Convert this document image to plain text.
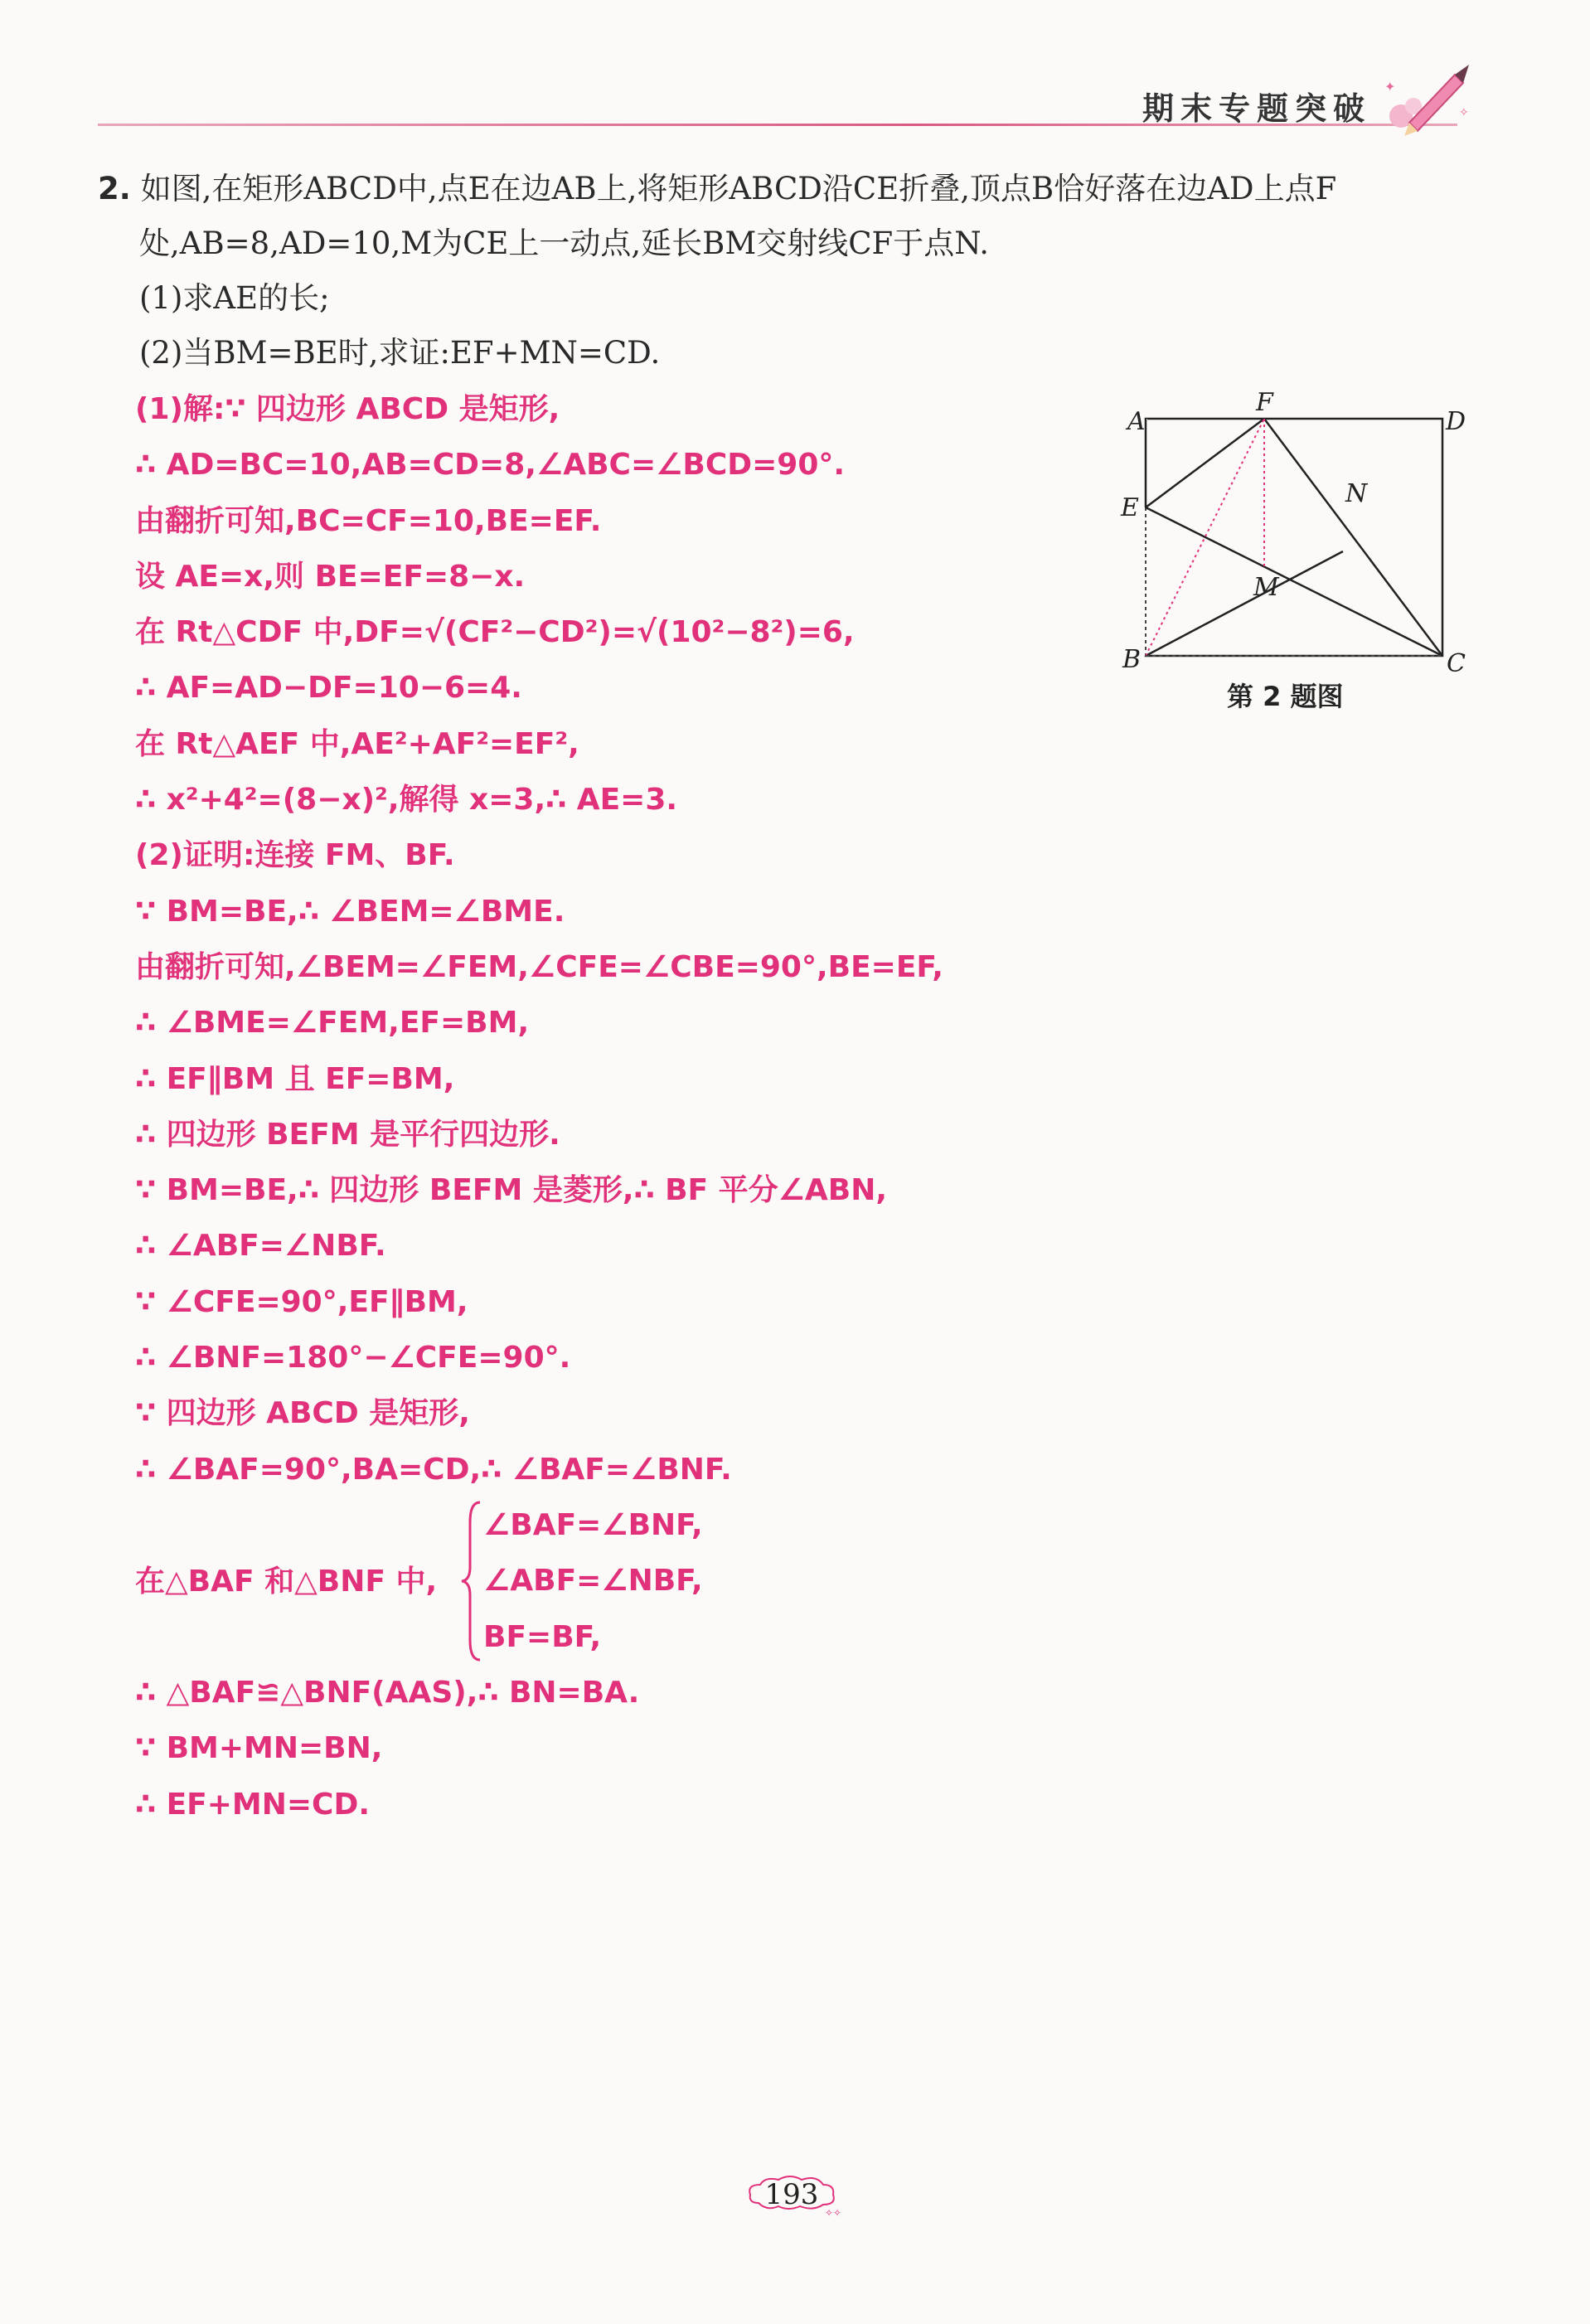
期末专题突破
✦
✧

2. 如图,在矩形ABCD中,点E在边AB上,将矩形ABCD沿CE折叠,顶点B恰好落在边AD上点F

处,AB=8,AD=10,M为CE上一动点,延长BM交射线CF于点N.

(1)求AE的长;

(2)当BM=BE时,求证:EF+MN=CD.

(1)解:∵ 四边形 ABCD 是矩形,

∴ AD=BC=10,AB=CD=8,∠ABC=∠BCD=90°.

由翻折可知,BC=CF=10,BE=EF.

设 AE=x,则 BE=EF=8−x.

在 Rt△CDF 中,DF=√(CF²−CD²)=√(10²−8²)=6,

∴ AF=AD−DF=10−6=4.

在 Rt△AEF 中,AE²+AF²=EF²,

∴ x²+4²=(8−x)²,解得 x=3,∴ AE=3.

(2)证明:连接 FM、BF.

∵ BM=BE,∴ ∠BEM=∠BME.

由翻折可知,∠BEM=∠FEM,∠CFE=∠CBE=90°,BE=EF,

∴ ∠BME=∠FEM,EF=BM,

∴ EF∥BM 且 EF=BM,

∴ 四边形 BEFM 是平行四边形.

∵ BM=BE,∴ 四边形 BEFM 是菱形,∴ BF 平分∠ABN,

∴ ∠ABF=∠NBF.

∵ ∠CFE=90°,EF∥BM,

∴ ∠BNF=180°−∠CFE=90°.

∵ 四边形 ABCD 是矩形,

∴ ∠BAF=90°,BA=CD,∴ ∠BAF=∠BNF.

在△BAF 和△BNF 中,

∠BAF=∠BNF,

∠ABF=∠NBF,

BF=BF,

∴ △BAF≌△BNF(AAS),∴ BN=BA.

∵ BM+MN=BN,

∴ EF+MN=CD.

A	D
F
E	N
M
B	C
第 2 题图
✧✧
193
